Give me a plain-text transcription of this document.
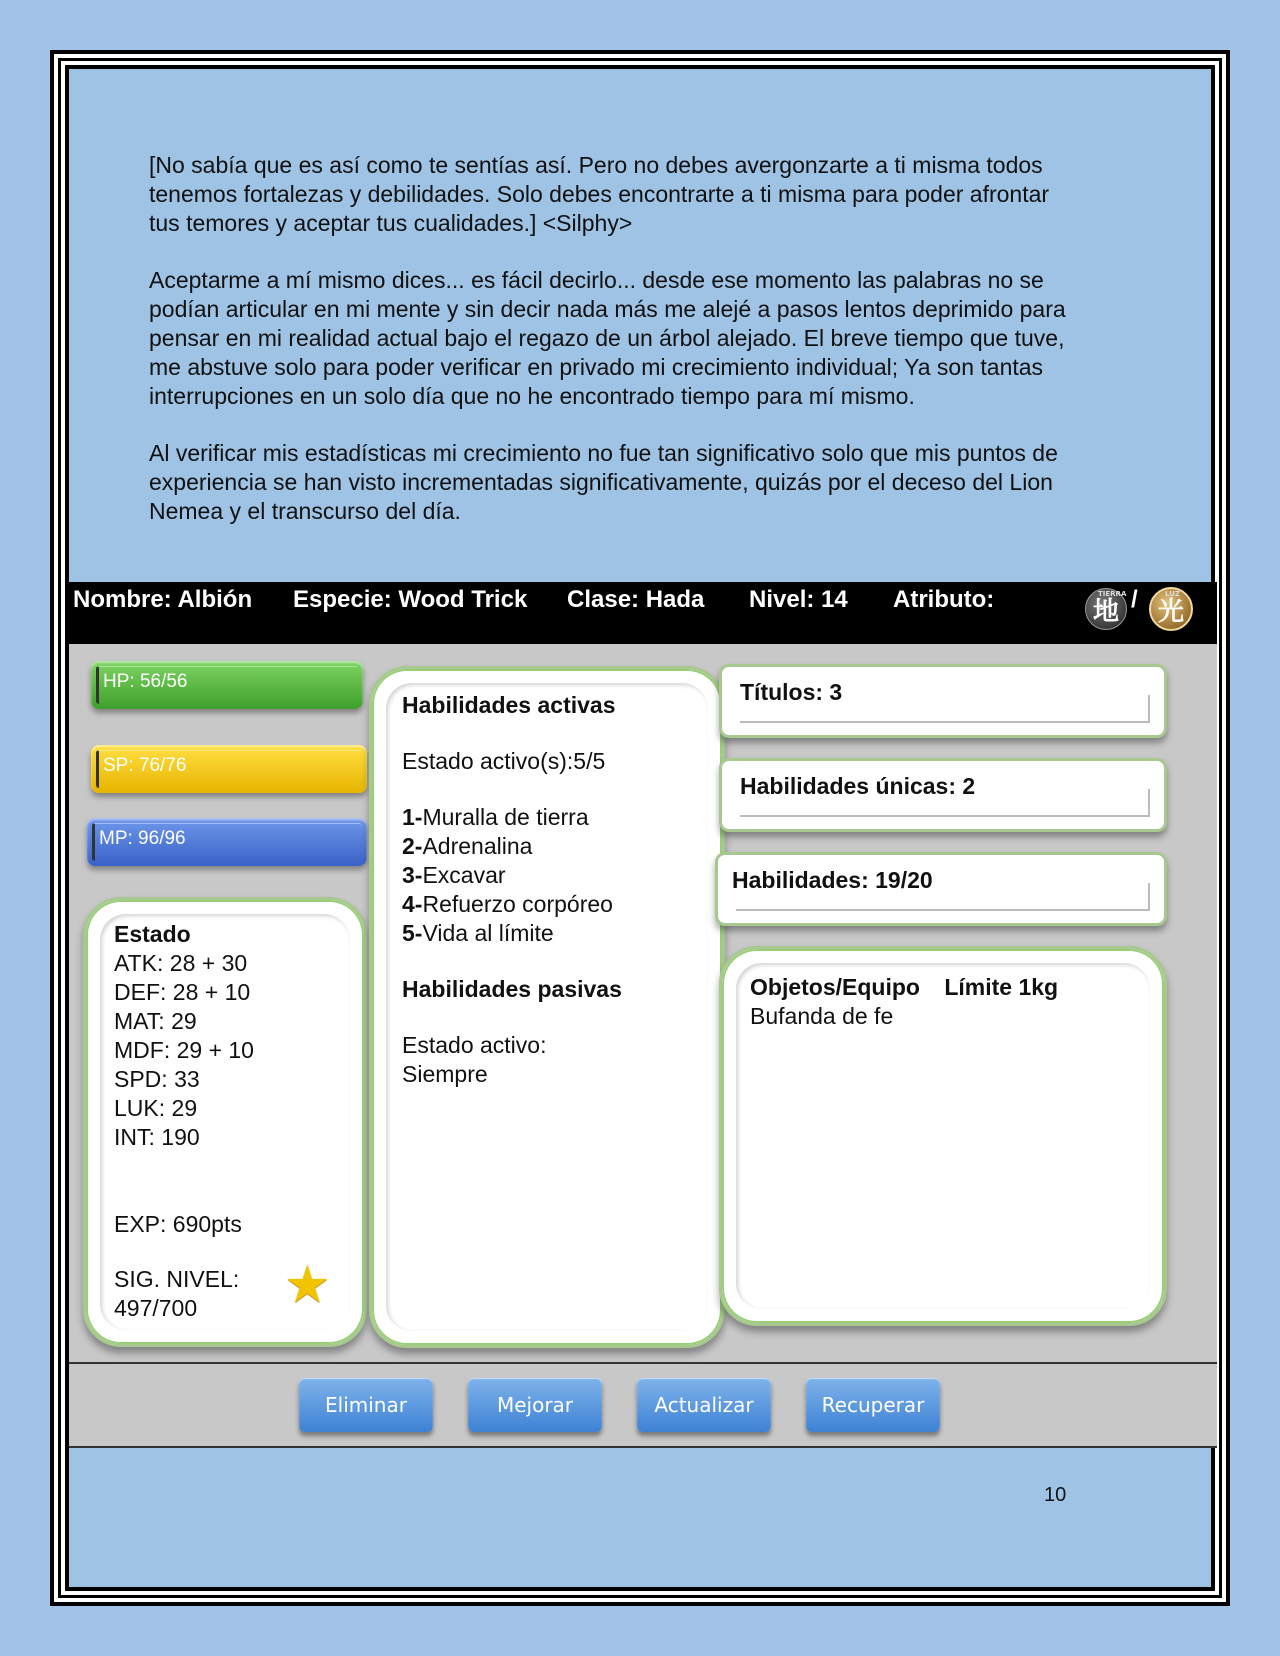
[No sabía que es así como te sentías así. Pero no debes avergonzarte a ti misma todos tenemos fortalezas y debilidades. Solo debes encontrarte a ti misma para poder afrontar tus temores y aceptar tus cualidades.] <Silphy>

Aceptarme a mí mismo dices... es fácil decirlo... desde ese momento las palabras no se podían articular en mi mente y sin decir nada más me alejé a pasos lentos deprimido para pensar en mi realidad actual bajo el regazo de un árbol alejado. El breve tiempo que tuve, me abstuve solo para poder verificar en privado mi crecimiento individual; Ya son tantas interrupciones en un solo día que no he encontrado tiempo para mí mismo.

Al verificar mis estadísticas mi crecimiento no fue tan significativo solo que mis puntos de experiencia se han visto incrementadas significativamente, quizás por el deceso del Lion Nemea y el transcurso del día.

Nombre: Albión Especie: Wood Trick Clase: Hada Nivel: 14 Atributo:	TIERRA
地 /	LUZ
光
HP: 56/56
SP: 76/76
MP: 96/96
Estado
ATK: 28 + 30
DEF: 28 + 10
MAT: 29
MDF: 29 + 10
SPD: 33
LUK: 29
INT: 190
EXP: 690pts
SIG. NIVEL:
497/700	★
Habilidades activas
Estado activo(s):5/5
1-Muralla de tierra
2-Adrenalina
3-Excavar
4-Refuerzo corpóreo
5-Vida al límite
Habilidades pasivas
Estado activo:
Siempre
Títulos: 3
Habilidades únicas: 2
Habilidades: 19/20
Objetos/Equipo Límite 1kg
Bufanda de fe
Eliminar	Mejorar	Actualizar	Recuperar
10
